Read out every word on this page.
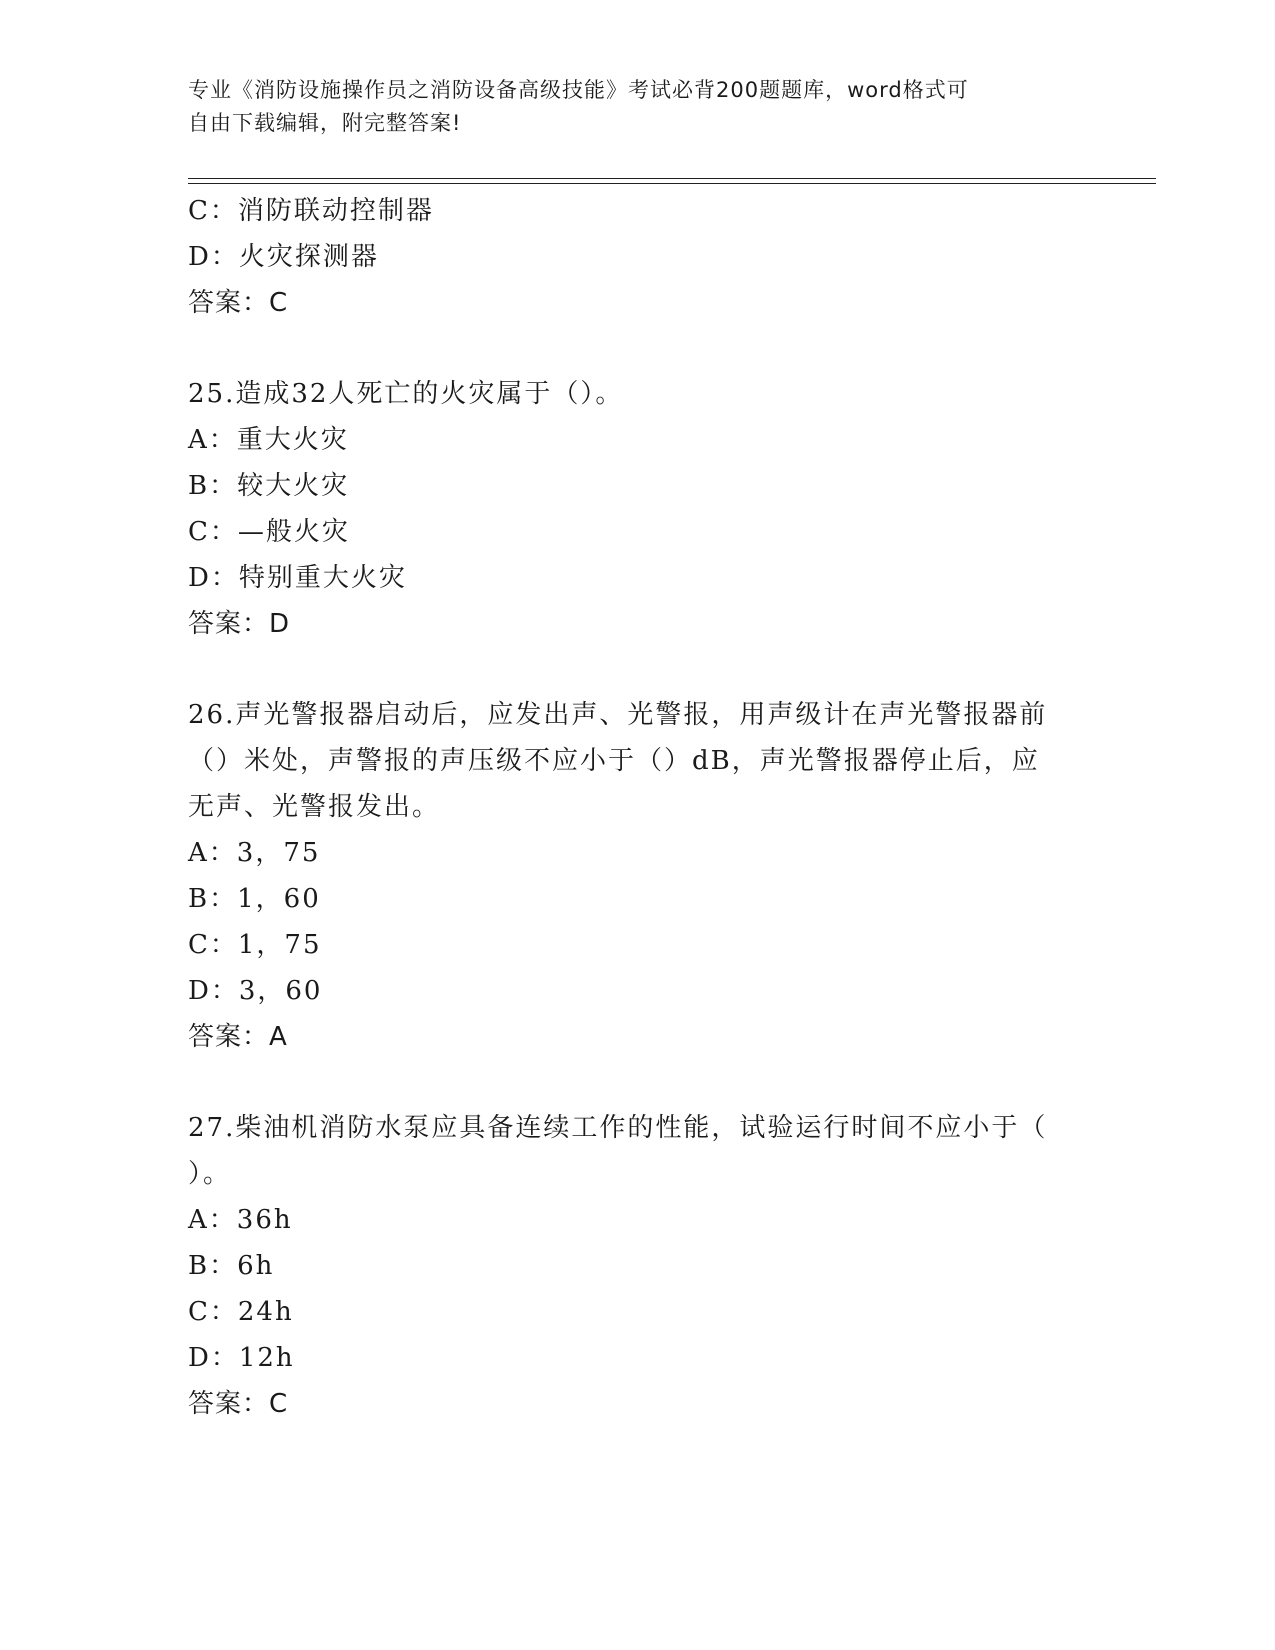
专业《消防设施操作员之消防设备高级技能》考试必背200题题库，word格式可
自由下载编辑，附完整答案!
C：消防联动控制器
D：火灾探测器
答案：C
25.造成32人死亡的火灾属于（）。
A：重大火灾
B：较大火灾
C：—般火灾
D：特别重大火灾
答案：D
26.声光警报器启动后，应发出声、光警报，用声级计在声光警报器前
（）米处，声警报的声压级不应小于（）dB，声光警报器停止后，应
无声、光警报发出。
A：3，75
B：1，60
C：1，75
D：3，60
答案：A
27.柴油机消防水泵应具备连续工作的性能，试验运行时间不应小于（
）。
A：36h
B：6h
C：24h
D：12h
答案：C
